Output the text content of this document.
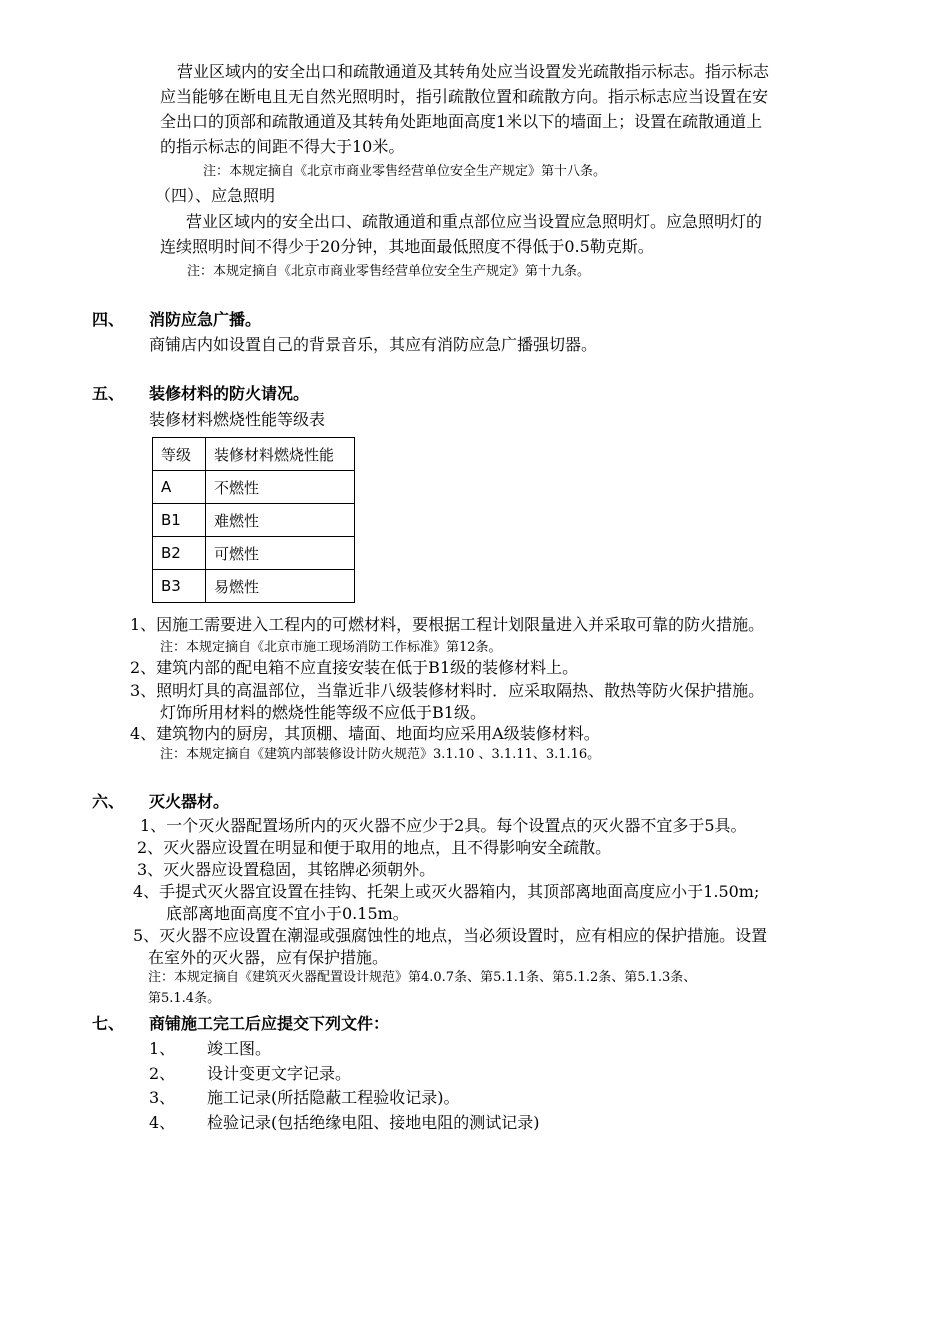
营业区域内的安全出口和疏散通道及其转角处应当设置发光疏散指示标志。指示标志
应当能够在断电且无自然光照明时，指引疏散位置和疏散方向。指示标志应当设置在安
全出口的顶部和疏散通道及其转角处距地面高度1米以下的墙面上；设置在疏散通道上
的指示标志的间距不得大于10米。
注：本规定摘自《北京市商业零售经营单位安全生产规定》第十八条。
（四）、应急照明
营业区域内的安全出口、疏散通道和重点部位应当设置应急照明灯。应急照明灯的
连续照明时间不得少于20分钟，其地面最低照度不得低于0.5勒克斯。
注：本规定摘自《北京市商业零售经营单位安全生产规定》第十九条。
四、 消防应急广播。
商铺店内如设置自己的背景音乐，其应有消防应急广播强切器。
五、 装修材料的防火请况。
装修材料燃烧性能等级表
等级	装修材料燃烧性能
A	不燃性
B1	难燃性
B2	可燃性
B3	易燃性
1、因施工需要进入工程内的可燃材料，要根据工程计划限量进入并采取可靠的防火措施。
注：本规定摘自《北京市施工现场消防工作标准》第12条。
2、建筑内部的配电箱不应直接安装在低于B1级的装修材料上。
3、照明灯具的高温部位，当靠近非八级装修材料时．应采取隔热、散热等防火保护措施。
灯饰所用材料的燃烧性能等级不应低于B1级。
4、建筑物内的厨房，其顶棚、墙面、地面均应采用A级装修材料。
注：本规定摘自《建筑内部装修设计防火规范》3.1.10 、3.1.11、3.1.16。
六、 灭火器材。
1、一个灭火器配置场所内的灭火器不应少于2具。每个设置点的灭火器不宜多于5具。
2、灭火器应设置在明显和便于取用的地点，且不得影响安全疏散。
3、灭火器应设置稳固，其铭牌必须朝外。
4、手提式灭火器宜设置在挂钩、托架上或灭火器箱内，其顶部离地面高度应小于1.50m;
底部离地面高度不宜小于0.15m。
5、灭火器不应设置在潮湿或强腐蚀性的地点，当必须设置时，应有相应的保护措施。设置
在室外的灭火器，应有保护措施。
注：本规定摘自《建筑灭火器配置设计规范》第4.0.7条、第5.1.1条、第5.1.2条、第5.1.3条、
第5.1.4条。
七、 商铺施工完工后应提交下列文件：
1、 竣工图。
2、 设计变更文字记录。
3、 施工记录(所括隐蔽工程验收记录)。
4、 检验记录(包括绝缘电阻、接地电阻的测试记录)
